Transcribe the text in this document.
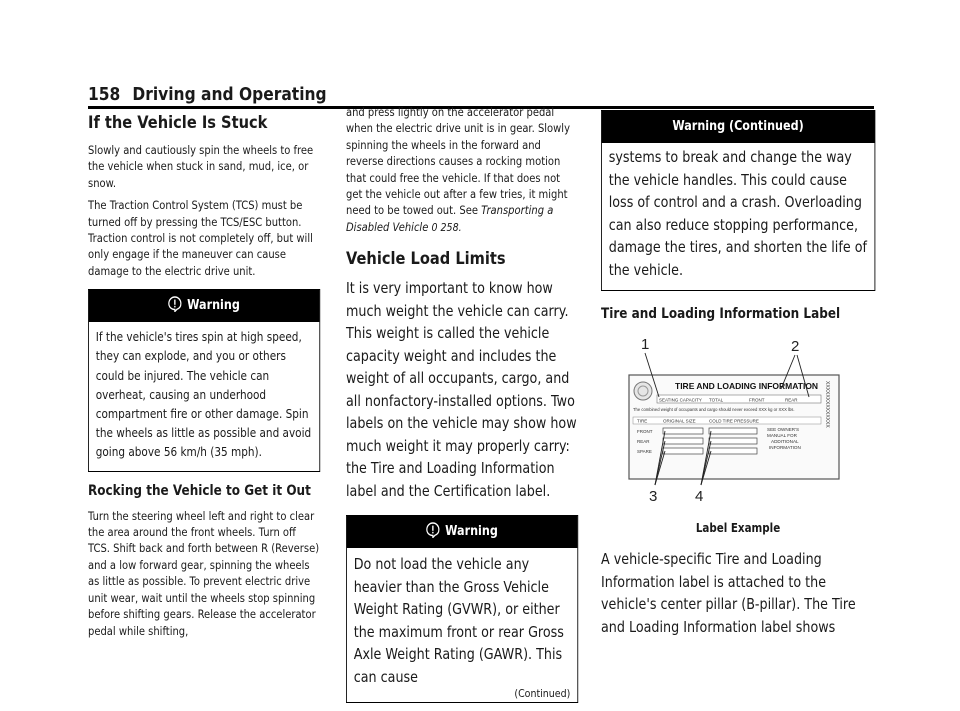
158 Driving and Operating
If the Vehicle Is Stuck

Slowly and cautiously spin the wheels to free the vehicle when stuck in sand, mud, ice, or snow.

The Traction Control System (TCS) must be turned off by pressing the TCS/ESC button. Traction control is not completely off, but will only engage if the maneuver can cause damage to the electric drive unit.

Warning

If the vehicle's tires spin at high speed, they can explode, and you or others could be injured. The vehicle can overheat, causing an underhood compartment fire or other damage. Spin the wheels as little as possible and avoid going above 56 km/h (35 mph).

Rocking the Vehicle to Get it Out

Turn the steering wheel left and right to clear the area around the front wheels. Turn off TCS. Shift back and forth between R (Reverse) and a low forward gear, spinning the wheels as little as possible. To prevent electric drive unit wear, wait until the wheels stop spinning before shifting gears. Release the accelerator pedal while shifting,

and press lightly on the accelerator pedal when the electric drive unit is in gear. Slowly spinning the wheels in the forward and reverse directions causes a rocking motion that could free the vehicle. If that does not get the vehicle out after a few tries, it might need to be towed out. See Transporting a Disabled Vehicle 0 258.

Vehicle Load Limits

It is very important to know how much weight the vehicle can carry. This weight is called the vehicle capacity weight and includes the weight of all occupants, cargo, and all nonfactory-installed options. Two labels on the vehicle may show how much weight it may properly carry: the Tire and Loading Information label and the Certification label.

Warning

Do not load the vehicle any heavier than the Gross Vehicle Weight Rating (GVWR), or either the maximum front or rear Gross Axle Weight Rating (GAWR). This can cause

(Continued)
Warning (Continued)

systems to break and change the way the vehicle handles. This could cause loss of control and a crash. Overloading can also reduce stopping performance, damage the tires, and shorten the life of the vehicle.

Tire and Loading Information Label
1	2
3	4
TIRE AND LOADING INFORMATION
SEATING CAPACITY TOTAL	FRONT	REAR
The combined weight of occupants and cargo should never exceed XXX kg or XXX lbs.
TIRE	ORIGINAL SIZE	COLD TIRE PRESSURE
FRONT
REAR
SPARE
SEE OWNER'S
MANUAL FOR
ADDITIONAL
INFORMATION
XXXXXXXXXXXXXX
Label Example

A vehicle-specific Tire and Loading Information label is attached to the vehicle's center pillar (B-pillar). The Tire and Loading Information label shows
